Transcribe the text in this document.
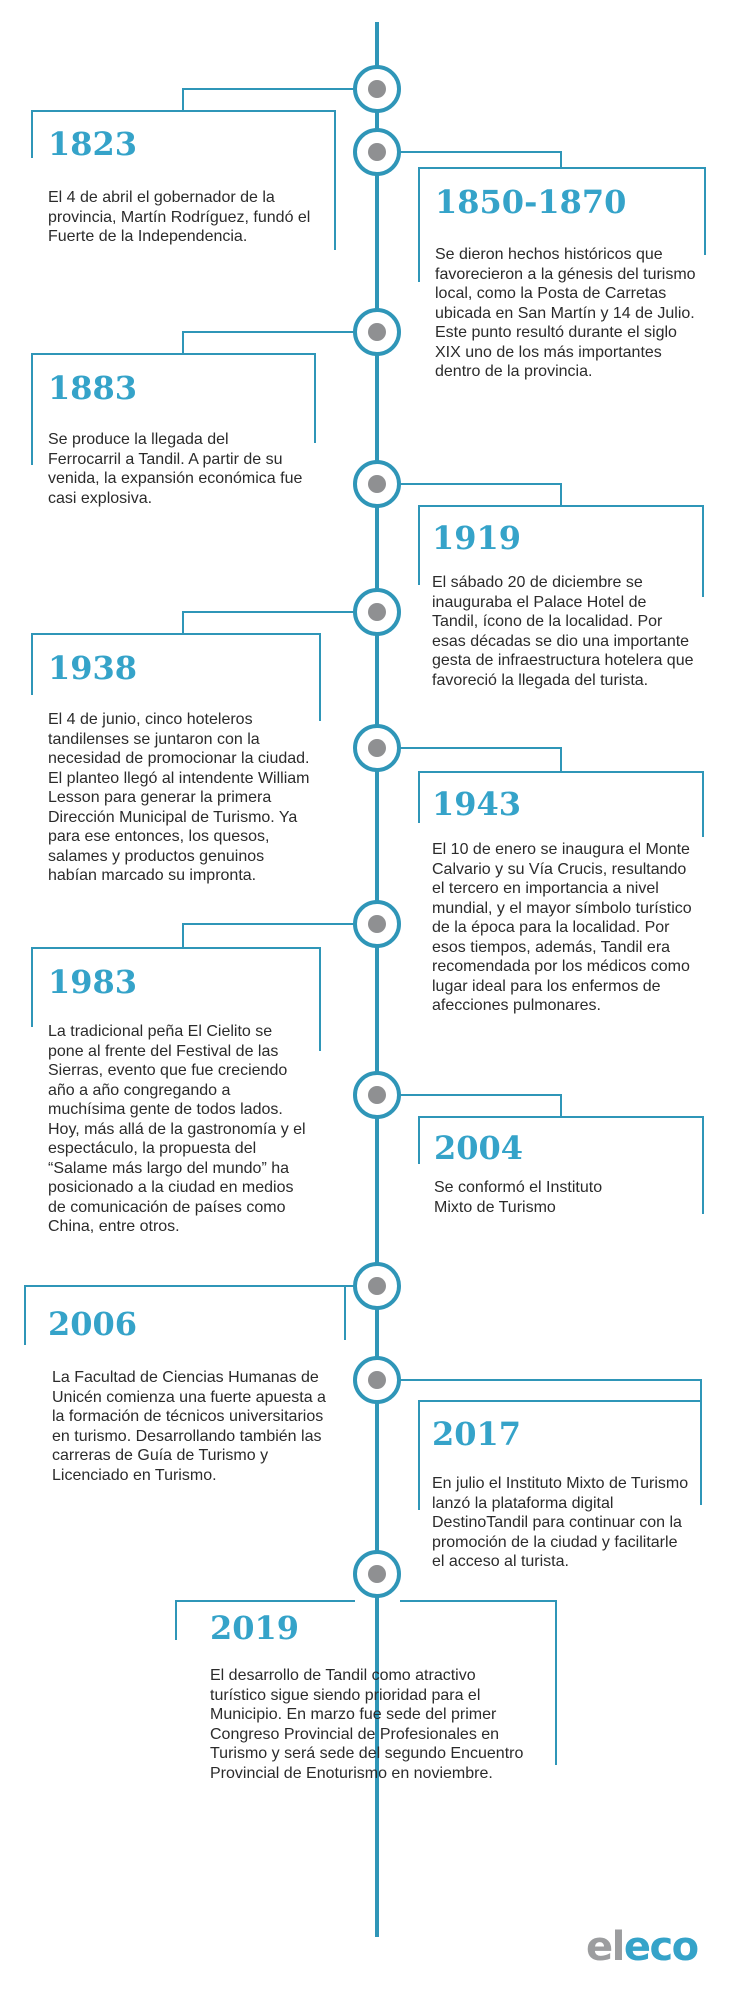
1823

El 4 de abril el gobernador de la provincia, Martín Rodríguez, fundó el Fuerte de la Independencia.

1850-1870

Se dieron hechos históricos que favorecieron a la génesis del turismo local, como la Posta de Carretas ubicada en San Martín y 14 de Julio. Este punto resultó durante el siglo XIX uno de los más importantes dentro de la provincia.

1883

Se produce la llegada del Ferrocarril a Tandil. A partir de su venida, la expansión económica fue casi explosiva.

1919

El sábado 20 de diciembre se inauguraba el Palace Hotel de Tandil, ícono de la localidad. Por esas décadas se dio una importante gesta de infraestructura hotelera que favoreció la llegada del turista.

1938

El 4 de junio, cinco hoteleros tandilenses se juntaron con la necesidad de promocionar la ciudad. El planteo llegó al intendente William Lesson para generar la primera Dirección Municipal de Turismo. Ya para ese entonces, los quesos, salames y productos genuinos habían marcado su impronta.

1943

El 10 de enero se inaugura el Monte Calvario y su Vía Crucis, resultando el tercero en importancia a nivel mundial, y el mayor símbolo turístico de la época para la localidad. Por esos tiempos, además, Tandil era recomendada por los médicos como lugar ideal para los enfermos de afecciones pulmonares.

1983

La tradicional peña El Cielito se pone al frente del Festival de las Sierras, evento que fue creciendo año a año congregando a muchísima gente de todos lados. Hoy, más allá de la gastronomía y el espectáculo, la propuesta del “Salame más largo del mundo” ha posicionado a la ciudad en medios de comunicación de países como China, entre otros.

2004

Se conformó el Instituto Mixto de Turismo

2006

La Facultad de Ciencias Humanas de Unicén comienza una fuerte apuesta a la formación de técnicos universitarios en turismo. Desarrollando también las carreras de Guía de Turismo y Licenciado en Turismo.

2017

En julio el Instituto Mixto de Turismo lanzó la plataforma digital DestinoTandil para continuar con la promoción de la ciudad y facilitarle el acceso al turista.

2019

El desarrollo de Tandil como atractivo turístico sigue siendo prioridad para el Municipio. En marzo fue sede del primer Congreso Provincial de Profesionales en Turismo y será sede del segundo Encuentro Provincial de Enoturismo en noviembre.

eleco
